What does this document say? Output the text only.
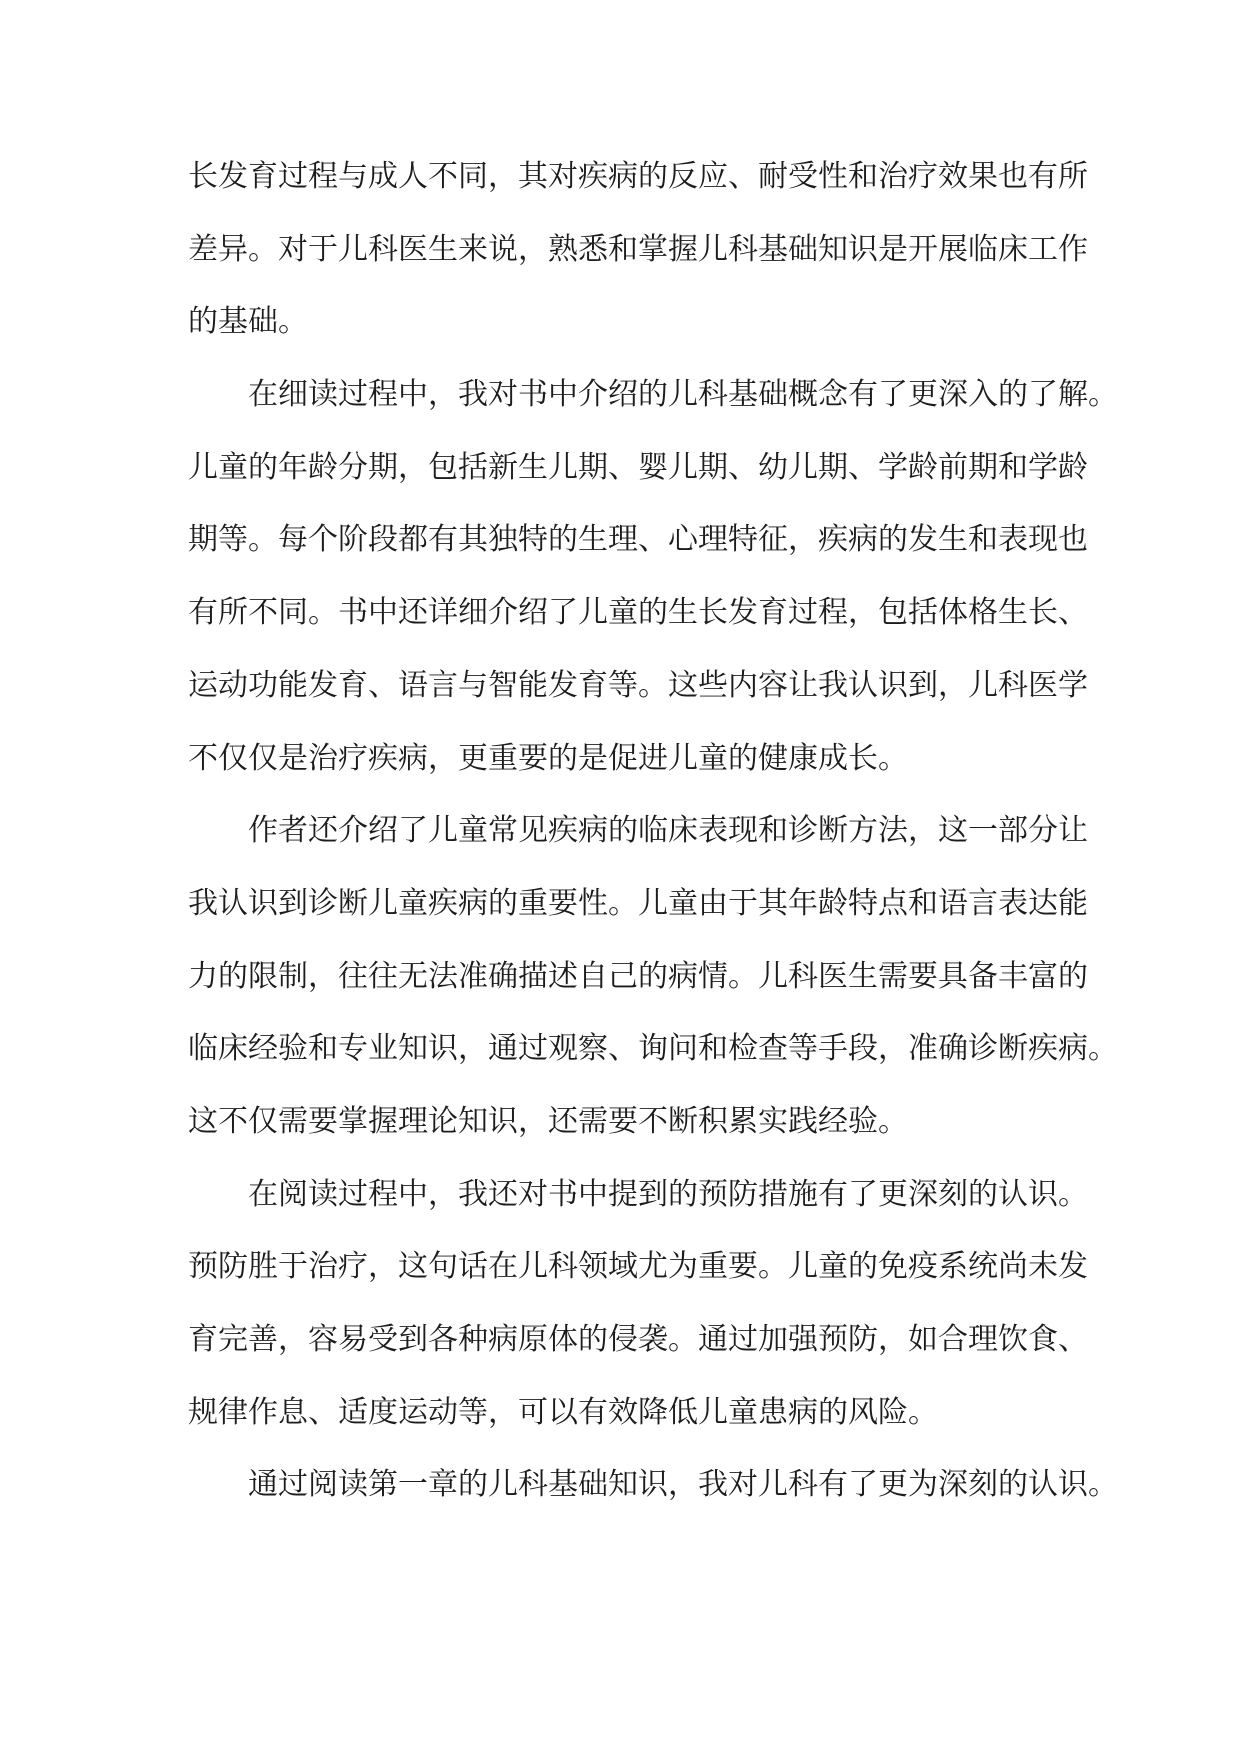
长发育过程与成人不同，其对疾病的反应、耐受性和治疗效果也有所
差异。对于儿科医生来说，熟悉和掌握儿科基础知识是开展临床工作
的基础。
在细读过程中，我对书中介绍的儿科基础概念有了更深入的了解。
儿童的年龄分期，包括新生儿期、婴儿期、幼儿期、学龄前期和学龄
期等。每个阶段都有其独特的生理、心理特征，疾病的发生和表现也
有所不同。书中还详细介绍了儿童的生长发育过程，包括体格生长、
运动功能发育、语言与智能发育等。这些内容让我认识到，儿科医学
不仅仅是治疗疾病，更重要的是促进儿童的健康成长。
作者还介绍了儿童常见疾病的临床表现和诊断方法，这一部分让
我认识到诊断儿童疾病的重要性。儿童由于其年龄特点和语言表达能
力的限制，往往无法准确描述自己的病情。儿科医生需要具备丰富的
临床经验和专业知识，通过观察、询问和检查等手段，准确诊断疾病。
这不仅需要掌握理论知识，还需要不断积累实践经验。
在阅读过程中，我还对书中提到的预防措施有了更深刻的认识。
预防胜于治疗，这句话在儿科领域尤为重要。儿童的免疫系统尚未发
育完善，容易受到各种病原体的侵袭。通过加强预防，如合理饮食、
规律作息、适度运动等，可以有效降低儿童患病的风险。
通过阅读第一章的儿科基础知识，我对儿科有了更为深刻的认识。
